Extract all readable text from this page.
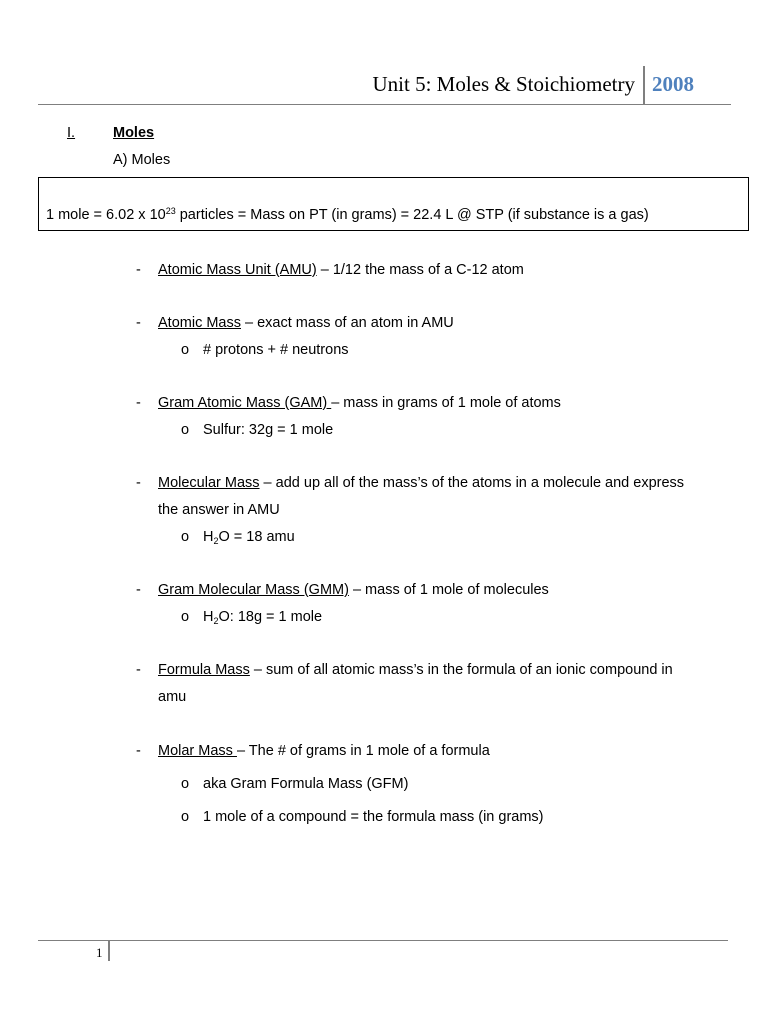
Unit 5: Moles & Stoichiometry 2008
I.	Moles
A) Moles
1 mole = 6.02 x $10^{23}$ particles = Mass on PT (in grams) = 22.4 L @ STP (if substance is a gas)
- Atomic Mass Unit (AMU) – 1/12 the mass of a C-12 atom
- Atomic Mass – exact mass of an atom in AMU
o # protons + # neutrons
- Gram Atomic Mass (GAM) – mass in grams of 1 mole of atoms
o Sulfur: 32g = 1 mole
- Molecular Mass – add up all of the mass’s of the atoms in a molecule and express
the answer in AMU
o $H_2O = 18$ amu
- Gram Molecular Mass (GMM) – mass of 1 mole of molecules
o $H_2O$: 18g = 1 mole
- Formula Mass – sum of all atomic mass’s in the formula of an ionic compound in
amu
- Molar Mass – The # of grams in 1 mole of a formula
o aka Gram Formula Mass (GFM)
o 1 mole of a compound = the formula mass (in grams)
1
